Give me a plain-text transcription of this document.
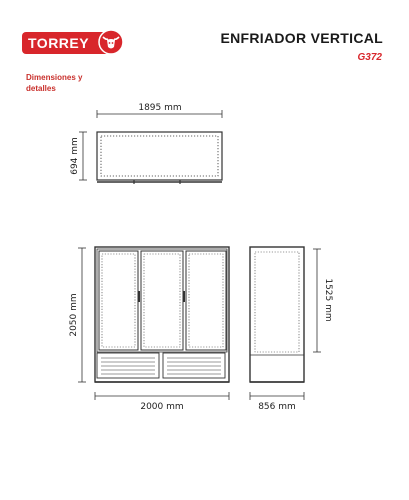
TORREY	ENFRIADOR VERTICAL
G372
Dimensiones y detalles
1895 mm
694 mm
2050 mm
2000 mm
1525 mm
856 mm
